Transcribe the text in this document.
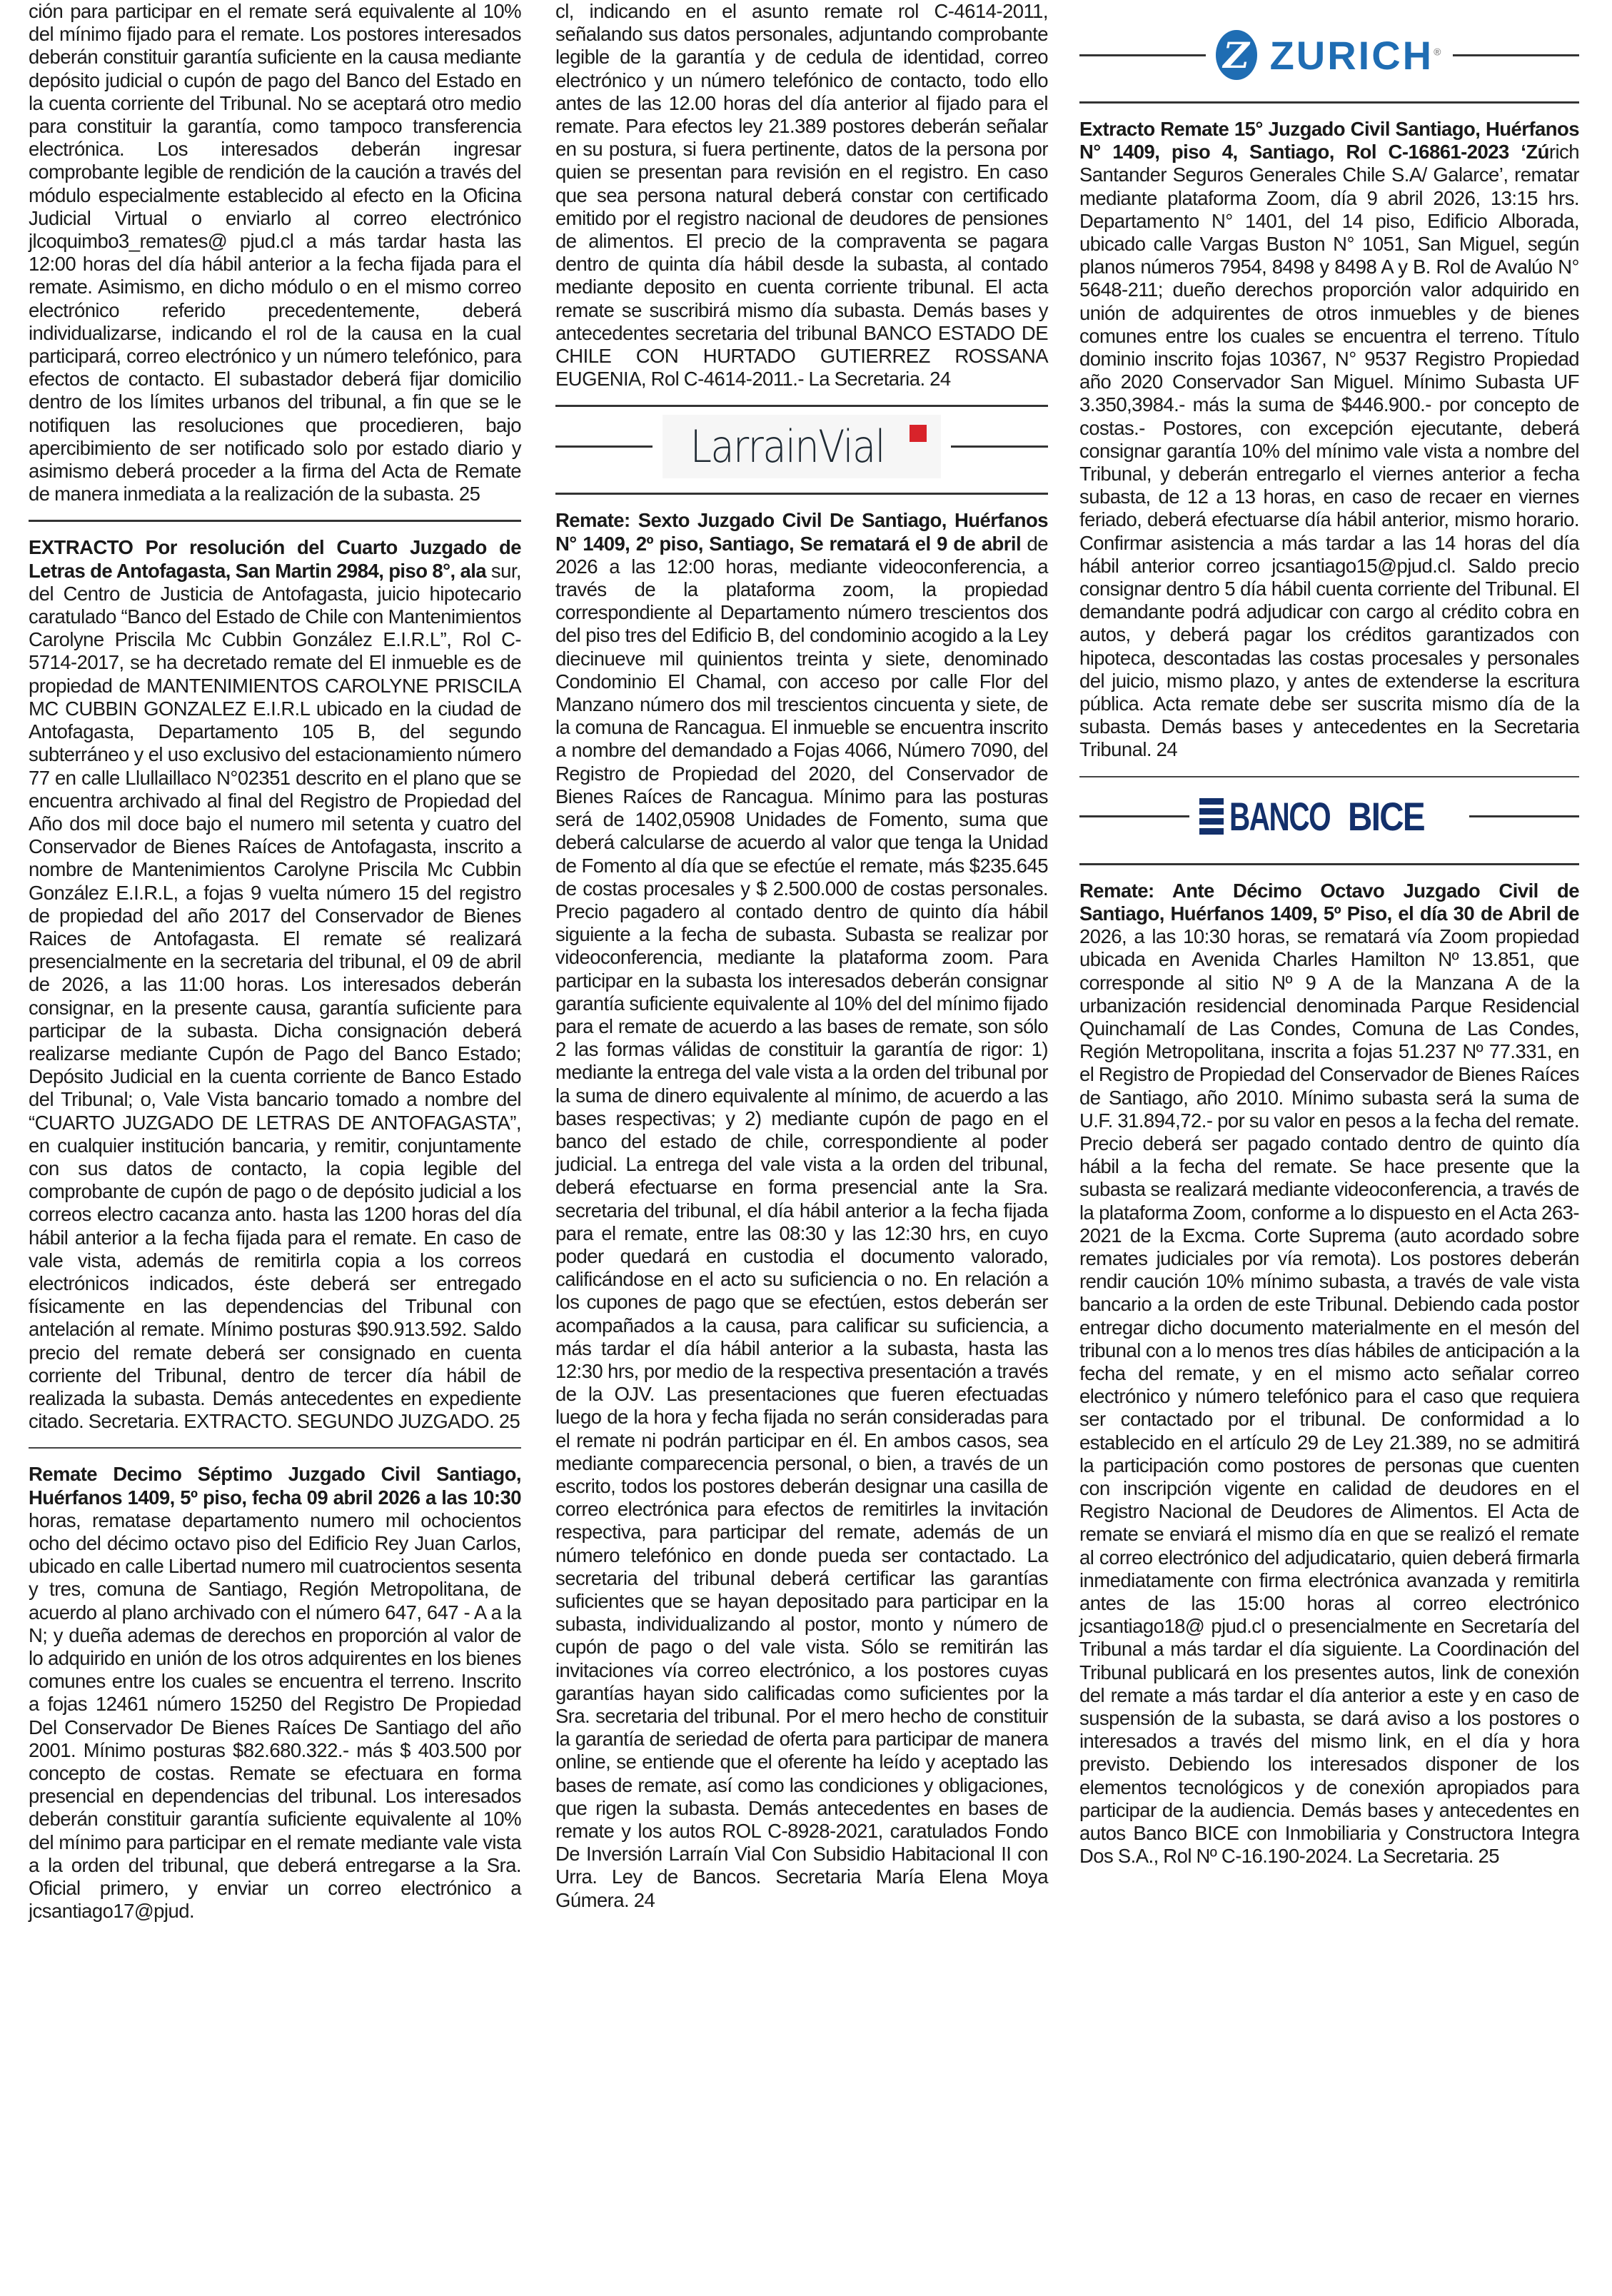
ción para participar en el remate será equivalente al 10% del mínimo fijado para el remate. Los postores interesados deberán constituir garantía suficiente en la causa mediante depósito judicial o cupón de pago del Banco del Estado en la cuenta corriente del Tribunal. No se aceptará otro medio para constituir la garantía, como tampoco transferencia electrónica. Los interesados deberán ingresar comprobante legible de rendición de la caución a través del módulo especialmente establecido al efecto en la Oficina Judicial Virtual o enviarlo al correo electrónico jlcoquimbo3_remates@ pjud.cl a más tardar hasta las 12:00 horas del día hábil anterior a la fecha fijada para el remate. Asimismo, en dicho módulo o en el mismo correo electrónico referido precedentemente, deberá individualizarse, indicando el rol de la causa en la cual participará, correo electrónico y un número telefónico, para efectos de contacto. El subastador deberá fijar domicilio dentro de los límites urbanos del tribunal, a fin que se le notifiquen las resoluciones que procedieren, bajo apercibimiento de ser notificado solo por estado diario y asimismo deberá proceder a la firma del Acta de Remate de manera inmediata a la realización de la subasta. 25
EXTRACTO Por resolución del Cuarto Juzgado de Letras de Antofagasta, San Martin 2984, piso 8°, ala sur, del Centro de Justicia de Antofagasta, juicio hipotecario caratulado “Banco del Estado de Chile con Mantenimientos Carolyne Priscila Mc Cubbin González E.I.R.L”, Rol C-5714-2017, se ha decretado remate del El inmueble es de propiedad de MANTENIMIENTOS CAROLYNE PRISCILA MC CUBBIN GONZALEZ E.I.R.L ubicado en la ciudad de Antofagasta, Departamento 105 B, del segundo subterráneo y el uso exclusivo del estacionamiento número 77 en calle Llullaillaco N°02351 descrito en el plano que se encuentra archivado al final del Registro de Propiedad del Año dos mil doce bajo el numero mil setenta y cuatro del Conservador de Bienes Raíces de Antofagasta, inscrito a nombre de Mantenimientos Carolyne Priscila Mc Cubbin González E.I.R.L, a fojas 9 vuelta número 15 del registro de propiedad del año 2017 del Conservador de Bienes Raices de Antofagasta. El remate sé realizará presencialmente en la secretaria del tribunal, el 09 de abril de 2026, a las 11:00 horas. Los interesados deberán consignar, en la presente causa, garantía suficiente para participar de la subasta. Dicha consignación deberá realizarse mediante Cupón de Pago del Banco Estado; Depósito Judicial en la cuenta corriente de Banco Estado del Tribunal; o, Vale Vista bancario tomado a nombre del “CUARTO JUZGADO DE LETRAS DE ANTOFAGASTA”, en cualquier institución bancaria, y remitir, conjuntamente con sus datos de contacto, la copia legible del comprobante de cupón de pago o de depósito judicial a los correos electro cacanza anto. hasta las 1200 horas del día hábil anterior a la fecha fijada para el remate. En caso de vale vista, además de remitirla copia a los correos electrónicos indicados, éste deberá ser entregado físicamente en las dependencias del Tribunal con antelación al remate. Mínimo posturas $90.913.592. Saldo precio del remate deberá ser consignado en cuenta corriente del Tribunal, dentro de tercer día hábil de realizada la subasta. Demás antecedentes en expediente citado. Secretaria. EXTRACTO. SEGUNDO JUZGADO. 25
Remate Decimo Séptimo Juzgado Civil Santiago, Huérfanos 1409, 5º piso, fecha 09 abril 2026 a las 10:30 horas, rematase departamento numero mil ochocientos ocho del décimo octavo piso del Edificio Rey Juan Carlos, ubicado en calle Libertad numero mil cuatrocientos sesenta y tres, comuna de Santiago, Región Metropolitana, de acuerdo al plano archivado con el número 647, 647 - A a la N; y dueña ademas de derechos en proporción al valor de lo adquirido en unión de los otros adquirentes en los bienes comunes entre los cuales se encuentra el terreno. Inscrito a fojas 12461 número 15250 del Registro De Propiedad Del Conservador De Bienes Raíces De Santiago del año 2001. Mínimo posturas $82.680.322.- más $ 403.500 por concepto de costas. Remate se efectuara en forma presencial en dependencias del tribunal. Los interesados deberán constituir garantía suficiente equivalente al 10% del mínimo para participar en el remate mediante vale vista a la orden del tribunal, que deberá entregarse a la Sra. Oficial primero, y enviar un correo electrónico a jcsantiago17@pjud.
cl, indicando en el asunto remate rol C-4614-2011, señalando sus datos personales, adjuntando comprobante legible de la garantía y de cedula de identidad, correo electrónico y un número telefónico de contacto, todo ello antes de las 12.00 horas del día anterior al fijado para el remate. Para efectos ley 21.389 postores deberán señalar en su postura, si fuera pertinente, datos de la persona por quien se presentan para revisión en el registro. En caso que sea persona natural deberá constar con certificado emitido por el registro nacional de deudores de pensiones de alimentos. El precio de la compraventa se pagara dentro de quinta día hábil desde la subasta, al contado mediante deposito en cuenta corriente tribunal. El acta remate se suscribirá mismo día subasta. Demás bases y antecedentes secretaria del tribunal BANCO ESTADO DE CHILE CON HURTADO GUTIERREZ ROSSANA EUGENIA, Rol C-4614-2011.- La Secretaria. 24
LarrainVial
Remate: Sexto Juzgado Civil De Santiago, Huérfanos N° 1409, 2º piso, Santiago, Se rematará el 9 de abril de 2026 a las 12:00 horas, mediante videoconferencia, a través de la plataforma zoom, la propiedad correspondiente al Departamento número trescientos dos del piso tres del Edificio B, del condominio acogido a la Ley diecinueve mil quinientos treinta y siete, denominado Condominio El Chamal, con acceso por calle Flor del Manzano número dos mil trescientos cincuenta y siete, de la comuna de Rancagua. El inmueble se encuentra inscrito a nombre del demandado a Fojas 4066, Número 7090, del Registro de Propiedad del 2020, del Conservador de Bienes Raíces de Rancagua. Mínimo para las posturas será de 1402,05908 Unidades de Fomento, suma que deberá calcularse de acuerdo al valor que tenga la Unidad de Fomento al día que se efectúe el remate, más $235.645 de costas procesales y $ 2.500.000 de costas personales. Precio pagadero al contado dentro de quinto día hábil siguiente a la fecha de subasta. Subasta se realizar por videoconferencia, mediante la plataforma zoom. Para participar en la subasta los interesados deberán consignar garantía suficiente equivalente al 10% del del mínimo fijado para el remate de acuerdo a las bases de remate, son sólo 2 las formas válidas de constituir la garantía de rigor: 1) mediante la entrega del vale vista a la orden del tribunal por la suma de dinero equivalente al mínimo, de acuerdo a las bases respectivas; y 2) mediante cupón de pago en el banco del estado de chile, correspondiente al poder judicial. La entrega del vale vista a la orden del tribunal, deberá efectuarse en forma presencial ante la Sra. secretaria del tribunal, el día hábil anterior a la fecha fijada para el remate, entre las 08:30 y las 12:30 hrs, en cuyo poder quedará en custodia el documento valorado, calificándose en el acto su suficiencia o no. En relación a los cupones de pago que se efectúen, estos deberán ser acompañados a la causa, para calificar su suficiencia, a más tardar el día hábil anterior a la subasta, hasta las 12:30 hrs, por medio de la respectiva presentación a través de la OJV. Las presentaciones que fueren efectuadas luego de la hora y fecha fijada no serán consideradas para el remate ni podrán participar en él. En ambos casos, sea mediante comparecencia personal, o bien, a través de un escrito, todos los postores deberán designar una casilla de correo electrónica para efectos de remitirles la invitación respectiva, para participar del remate, además de un número telefónico en donde pueda ser contactado. La secretaria del tribunal deberá certificar las garantías suficientes que se hayan depositado para participar en la subasta, individualizando al postor, monto y número de cupón de pago o del vale vista. Sólo se remitirán las invitaciones vía correo electrónico, a los postores cuyas garantías hayan sido calificadas como suficientes por la Sra. secretaria del tribunal. Por el mero hecho de constituir la garantía de seriedad de oferta para participar de manera online, se entiende que el oferente ha leído y aceptado las bases de remate, así como las condiciones y obligaciones, que rigen la subasta. Demás antecedentes en bases de remate y los autos ROL C-8928-2021, caratulados Fondo De Inversión Larraín Vial Con Subsidio Habitacional II con Urra. Ley de Bancos. Secretaria María Elena Moya Gúmera. 24
Z ZURICH®
Extracto Remate 15° Juzgado Civil Santiago, Huérfanos N° 1409, piso 4, Santiago, Rol C-16861-2023 ‘Zúrich Santander Seguros Generales Chile S.A/ Galarce’, rematar mediante plataforma Zoom, día 9 abril 2026, 13:15 hrs. Departamento N° 1401, del 14 piso, Edificio Alborada, ubicado calle Vargas Buston N° 1051, San Miguel, según planos números 7954, 8498 y 8498 A y B. Rol de Avalúo N° 5648-211; dueño derechos proporción valor adquirido en unión de adquirentes de otros inmuebles y de bienes comunes entre los cuales se encuentra el terreno. Título dominio inscrito fojas 10367, N° 9537 Registro Propiedad año 2020 Conservador San Miguel. Mínimo Subasta UF 3.350,3984.- más la suma de $446.900.- por concepto de costas.- Postores, con excepción ejecutante, deberá consignar garantía 10% del mínimo vale vista a nombre del Tribunal, y deberán entregarlo el viernes anterior a fecha subasta, de 12 a 13 horas, en caso de recaer en viernes feriado, deberá efectuarse día hábil anterior, mismo horario. Confirmar asistencia a más tardar a las 14 horas del día hábil anterior correo jcsantiago15@pjud.cl. Saldo precio consignar dentro 5 día hábil cuenta corriente del Tribunal. El demandante podrá adjudicar con cargo al crédito cobra en autos, y deberá pagar los créditos garantizados con hipoteca, descontadas las costas procesales y personales del juicio, mismo plazo, y antes de extenderse la escritura pública. Acta remate debe ser suscrita mismo día de la subasta. Demás bases y antecedentes en la Secretaria Tribunal. 24
BANCO BICE
Remate: Ante Décimo Octavo Juzgado Civil de Santiago, Huérfanos 1409, 5º Piso, el día 30 de Abril de 2026, a las 10:30 horas, se rematará vía Zoom propiedad ubicada en Avenida Charles Hamilton Nº 13.851, que corresponde al sitio Nº 9 A de la Manzana A de la urbanización residencial denominada Parque Residencial Quinchamalí de Las Condes, Comuna de Las Condes, Región Metropolitana, inscrita a fojas 51.237 Nº 77.331, en el Registro de Propiedad del Conservador de Bienes Raíces de Santiago, año 2010. Mínimo subasta será la suma de U.F. 31.894,72.- por su valor en pesos a la fecha del remate. Precio deberá ser pagado contado dentro de quinto día hábil a la fecha del remate. Se hace presente que la subasta se realizará mediante videoconferencia, a través de la plataforma Zoom, conforme a lo dispuesto en el Acta 263-2021 de la Excma. Corte Suprema (auto acordado sobre remates judiciales por vía remota). Los postores deberán rendir caución 10% mínimo subasta, a través de vale vista bancario a la orden de este Tribunal. Debiendo cada postor entregar dicho documento materialmente en el mesón del tribunal con a lo menos tres días hábiles de anticipación a la fecha del remate, y en el mismo acto señalar correo electrónico y número telefónico para el caso que requiera ser contactado por el tribunal. De conformidad a lo establecido en el artículo 29 de Ley 21.389, no se admitirá la participación como postores de personas que cuenten con inscripción vigente en calidad de deudores en el Registro Nacional de Deudores de Alimentos. El Acta de remate se enviará el mismo día en que se realizó el remate al correo electrónico del adjudicatario, quien deberá firmarla inmediatamente con firma electrónica avanzada y remitirla antes de las 15:00 horas al correo electrónico jcsantiago18@ pjud.cl o presencialmente en Secretaría del Tribunal a más tardar el día siguiente. La Coordinación del Tribunal publicará en los presentes autos, link de conexión del remate a más tardar el día anterior a este y en caso de suspensión de la subasta, se dará aviso a los postores o interesados a través del mismo link, en el día y hora previsto. Debiendo los interesados disponer de los elementos tecnológicos y de conexión apropiados para participar de la audiencia. Demás bases y antecedentes en autos Banco BICE con Inmobiliaria y Constructora Integra Dos S.A., Rol Nº C-16.190-2024. La Secretaria. 25
